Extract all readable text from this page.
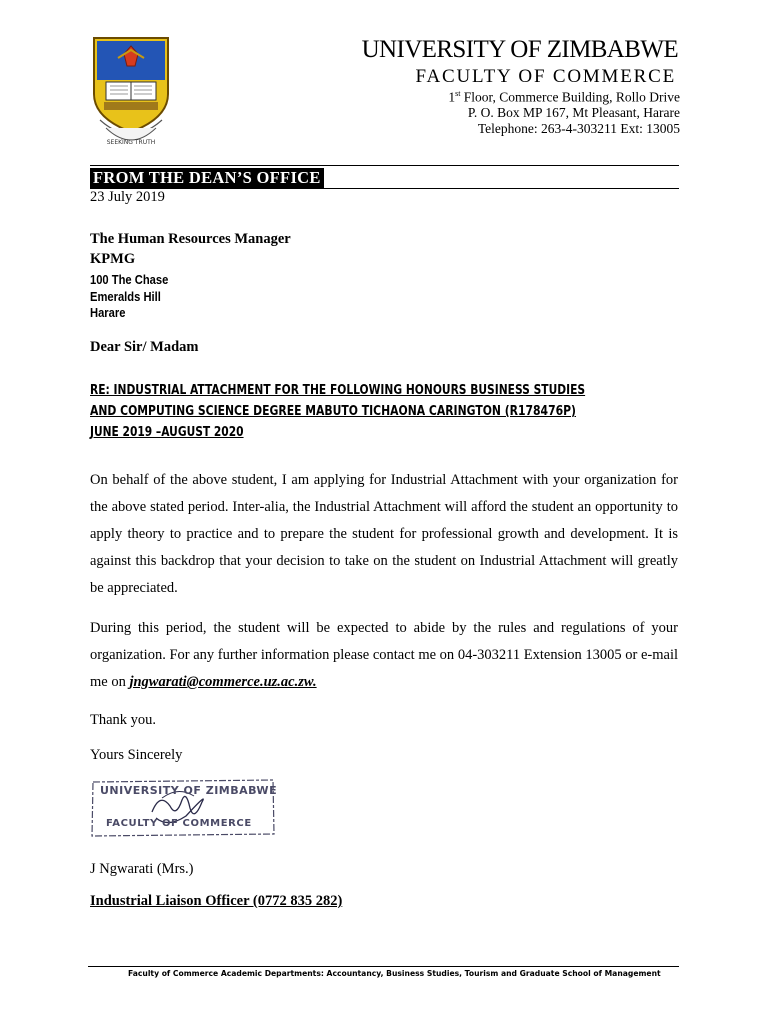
SEEKING TRUTH
UNIVERSITY OF ZIMBABWE
FACULTY OF COMMERCE
1st Floor, Commerce Building, Rollo Drive
P. O. Box MP 167, Mt Pleasant, Harare
Telephone: 263-4-303211 Ext: 13005
FROM THE DEAN’S OFFICE
23 July 2019
The Human Resources Manager
KPMG
100 The Chase
Emeralds Hill
Harare
Dear Sir/ Madam
RE: INDUSTRIAL ATTACHMENT FOR THE FOLLOWING HONOURS BUSINESS STUDIES
AND COMPUTING SCIENCE DEGREE MABUTO TICHAONA CARINGTON (R178476P)
JUNE 2019 –AUGUST 2020
On behalf of the above student, I am applying for Industrial Attachment with your organization for the above stated period. Inter-alia, the Industrial Attachment will afford the student an opportunity to apply theory to practice and to prepare the student for professional growth and development. It is against this backdrop that your decision to take on the student on Industrial Attachment will greatly be appreciated.
During this period, the student will be expected to abide by the rules and regulations of your organization. For any further information please contact me on 04-303211 Extension 13005 or e-mail me on jngwarati@commerce.uz.ac.zw.
Thank you.
Yours Sincerely
UNIVERSITY OF ZIMBABWE
FACULTY OF COMMERCE
J Ngwarati (Mrs.)
Industrial Liaison Officer (0772 835 282)
Faculty of Commerce Academic Departments: Accountancy, Business Studies, Tourism and Graduate School of Management
